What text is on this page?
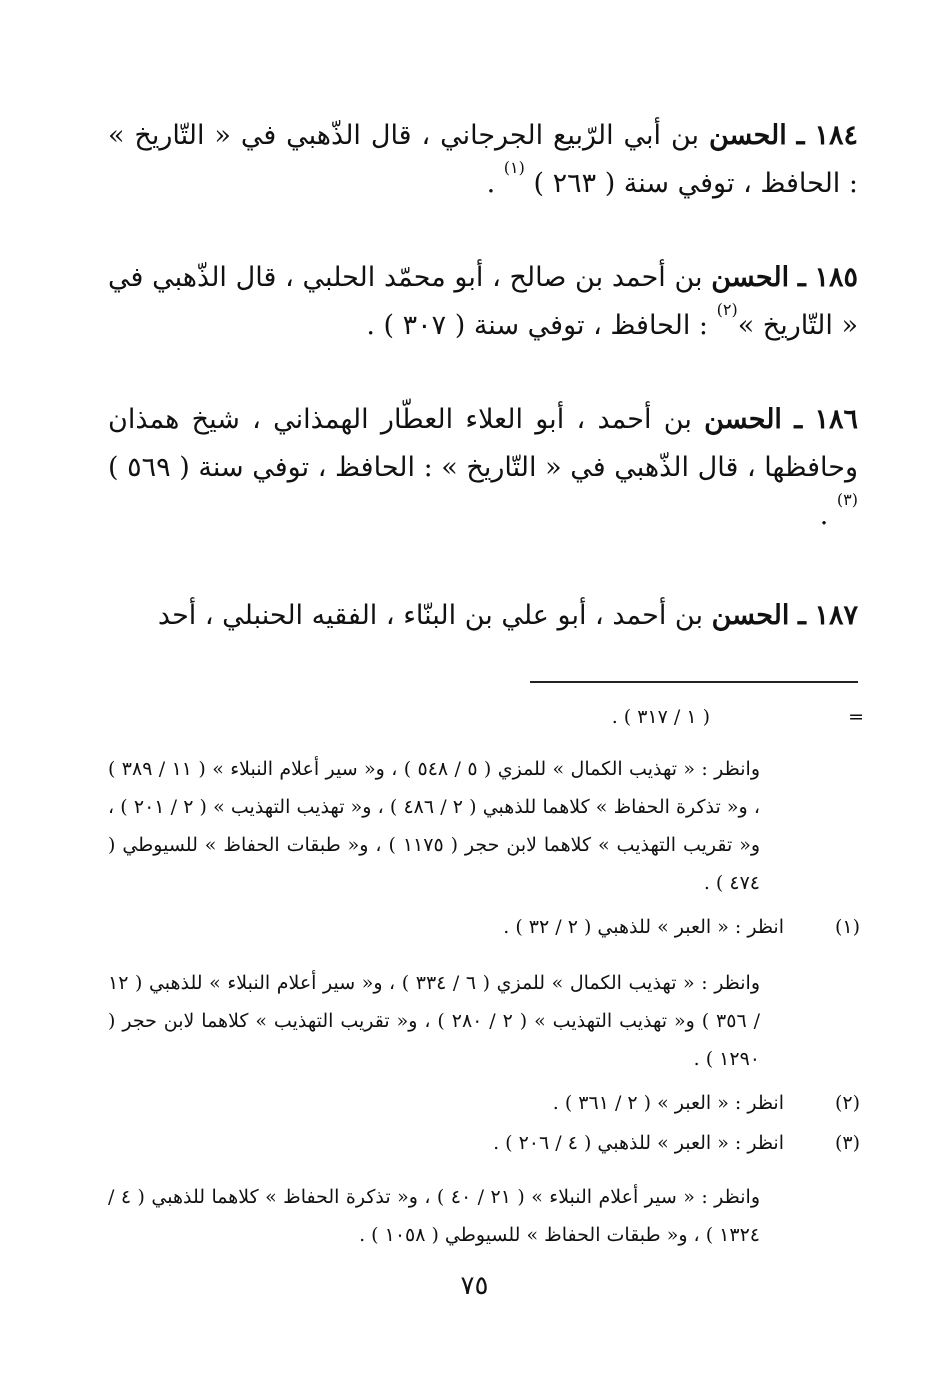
١٨٤ ـ الحسن بن أبي الرّبيع الجرجاني ، قال الذّهبي في « التّاريخ » : الحافظ ، توفي سنة ( ٢٦٣ ) $^{(١)}$ .
١٨٥ ـ الحسن بن أحمد بن صالح ، أبو محمّد الحلبي ، قال الذّهبي في « التّاريخ »$^{(٢)}$ : الحافظ ، توفي سنة ( ٣٠٧ ) .
١٨٦ ـ الحسن بن أحمد ، أبو العلاء العطّار الهمذاني ، شيخ همذان وحافظها ، قال الذّهبي في « التّاريخ » : الحافظ ، توفي سنة ( ٥٦٩ ) $^{(٣)}$ .
١٨٧ ـ الحسن بن أحمد ، أبو علي بن البنّاء ، الفقيه الحنبلي ، أحد
=
( ١ / ٣١٧ ) .
وانظر : « تهذيب الكمال » للمزي ( ٥ / ٥٤٨ ) ، و« سير أعلام النبلاء » ( ١١ / ٣٨٩ ) ، و« تذكرة الحفاظ » كلاهما للذهبي ( ٢ / ٤٨٦ ) ، و« تهذيب التهذيب » ( ٢ / ٢٠١ ) ، و« تقريب التهذيب » كلاهما لابن حجر ( ١١٧٥ ) ، و« طبقات الحفاظ » للسيوطي ( ٤٧٤ ) .
(١)
انظر : « العبر » للذهبي ( ٢ / ٣٢ ) .
وانظر : « تهذيب الكمال » للمزي ( ٦ / ٣٣٤ ) ، و« سير أعلام النبلاء » للذهبي ( ١٢ / ٣٥٦ ) و« تهذيب التهذيب » ( ٢ / ٢٨٠ ) ، و« تقريب التهذيب » كلاهما لابن حجر ( ١٢٩٠ ) .
(٢)
انظر : « العبر » ( ٢ / ٣٦١ ) .
(٣)
انظر : « العبر » للذهبي ( ٤ / ٢٠٦ ) .
وانظر : « سير أعلام النبلاء » ( ٢١ / ٤٠ ) ، و« تذكرة الحفاظ » كلاهما للذهبي ( ٤ / ١٣٢٤ ) ، و« طبقات الحفاظ » للسيوطي ( ١٠٥٨ ) .
٧٥
